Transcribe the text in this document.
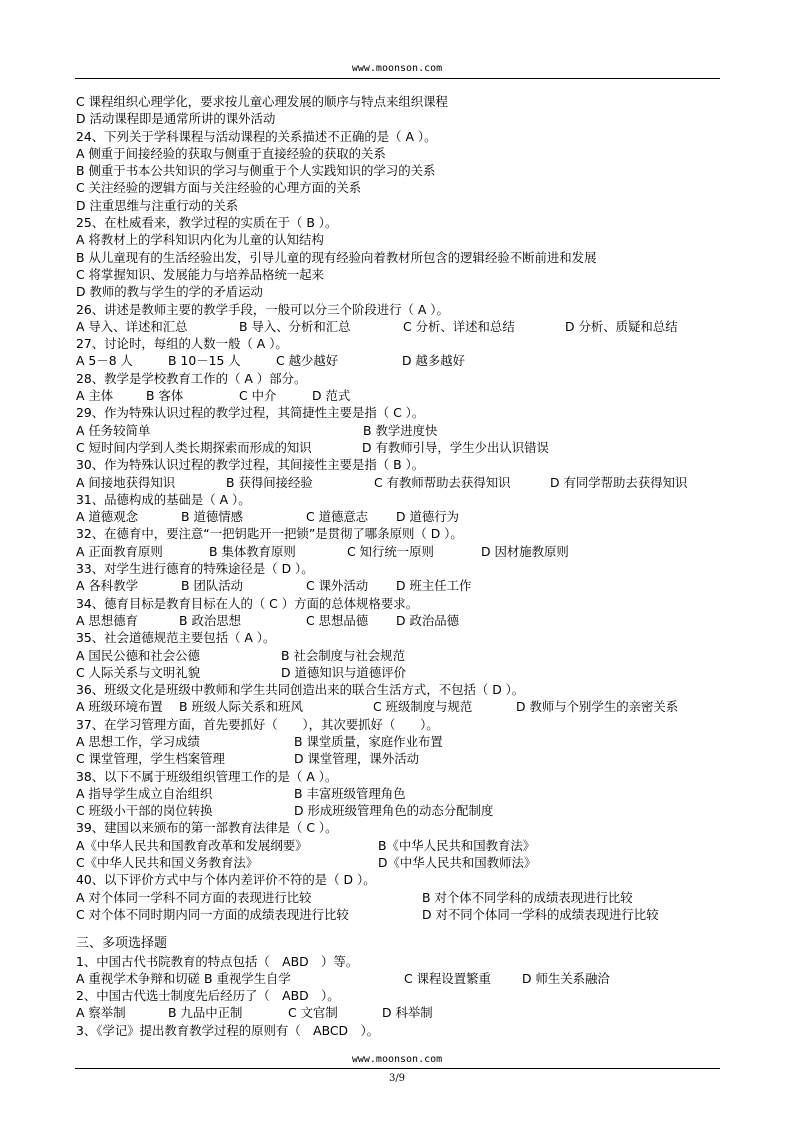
www.moonson.com
C 课程组织心理学化，要求按儿童心理发展的顺序与特点来组织课程
D 活动课程即是通常所讲的课外活动
24、下列关于学科课程与活动课程的关系描述不正确的是（ A ）。
A 侧重于间接经验的获取与侧重于直接经验的获取的关系
B 侧重于书本公共知识的学习与侧重于个人实践知识的学习的关系
C 关注经验的逻辑方面与关注经验的心理方面的关系
D 注重思维与注重行动的关系
25、在杜威看来，教学过程的实质在于（ B ）。
A 将教材上的学科知识内化为儿童的认知结构
B 从儿童现有的生活经验出发，引导儿童的现有经验向着教材所包含的逻辑经验不断前进和发展
C 将掌握知识、发展能力与培养品格统一起来
D 教师的教与学生的学的矛盾运动
26、讲述是教师主要的教学手段，一般可以分三个阶段进行（ A ）。
A 导入、详述和汇总	B 导入、分析和汇总	C 分析、详述和总结	D 分析、质疑和总结
27、讨论时，每组的人数一般（ A ）。
A 5－8 人	B 10－15 人	C 越少越好	D 越多越好
28、教学是学校教育工作的（ A ）部分。
A 主体	B 客体	C 中介	D 范式
29、作为特殊认识过程的教学过程，其简捷性主要是指（ C ）。
A 任务较简单	B 教学进度快
C 短时间内学到人类长期探索而形成的知识	D 有教师引导，学生少出认识错误
30、作为特殊认识过程的教学过程，其间接性主要是指（ B ）。
A 间接地获得知识	B 获得间接经验	C 有教师帮助去获得知识	D 有同学帮助去获得知识
31、品德构成的基础是（ A ）。
A 道德观念	B 道德情感	C 道德意志 D 道德行为
32、在德育中，要注意“一把钥匙开一把锁”是贯彻了哪条原则（ D ）。
A 正面教育原则	B 集体教育原则	C 知行统一原则	D 因材施教原则
33、对学生进行德育的特殊途径是（ D ）。
A 各科教学	B 团队活动	C 课外活动 D 班主任工作
34、德育目标是教育目标在人的（ C ）方面的总体规格要求。
A 思想德育	B 政治思想	C 思想品德 D 政治品德
35、社会道德规范主要包括（ A ）。
A 国民公德和社会公德	B 社会制度与社会规范
C 人际关系与文明礼貌	D 道德知识与道德评价
36、班级文化是班级中教师和学生共同创造出来的联合生活方式，不包括（ D ）。
A 班级环境布置 B 班级人际关系和班风	C 班级制度与规范	D 教师与个别学生的亲密关系
37、在学习管理方面，首先要抓好（　　），其次要抓好（　　）。
A 思想工作，学习成绩	B 课堂质量，家庭作业布置
C 课堂管理，学生档案管理	D 课堂管理，课外活动
38、以下不属于班级组织管理工作的是（ A ）。
A 指导学生成立自治组织	B 丰富班级管理角色
C 班级小干部的岗位转换	D 形成班级管理角色的动态分配制度
39、建国以来颁布的第一部教育法律是（ C ）。
A《中华人民共和国教育改革和发展纲要》	B《中华人民共和国教育法》
C《中华人民共和国义务教育法》	D《中华人民共和国教师法》
40、以下评价方式中与个体内差评价不符的是（ D ）。
A 对个体同一学科不同方面的表现进行比较	B 对个体不同学科的成绩表现进行比较
C 对个体不同时期内同一方面的成绩表现进行比较	D 对不同个体同一学科的成绩表现进行比较
三、多项选择题
1、中国古代书院教育的特点包括（　ABD　）等。
A 重视学术争辩和切磋 B 重视学生自学	C 课程设置繁重	D 师生关系融洽
2、中国古代选士制度先后经历了（　ABD　）。
A 察举制	B 九品中正制	C 文官制	D 科举制
3、《学记》提出教育教学过程的原则有（　ABCD　）。
www.moonson.com
3/9
